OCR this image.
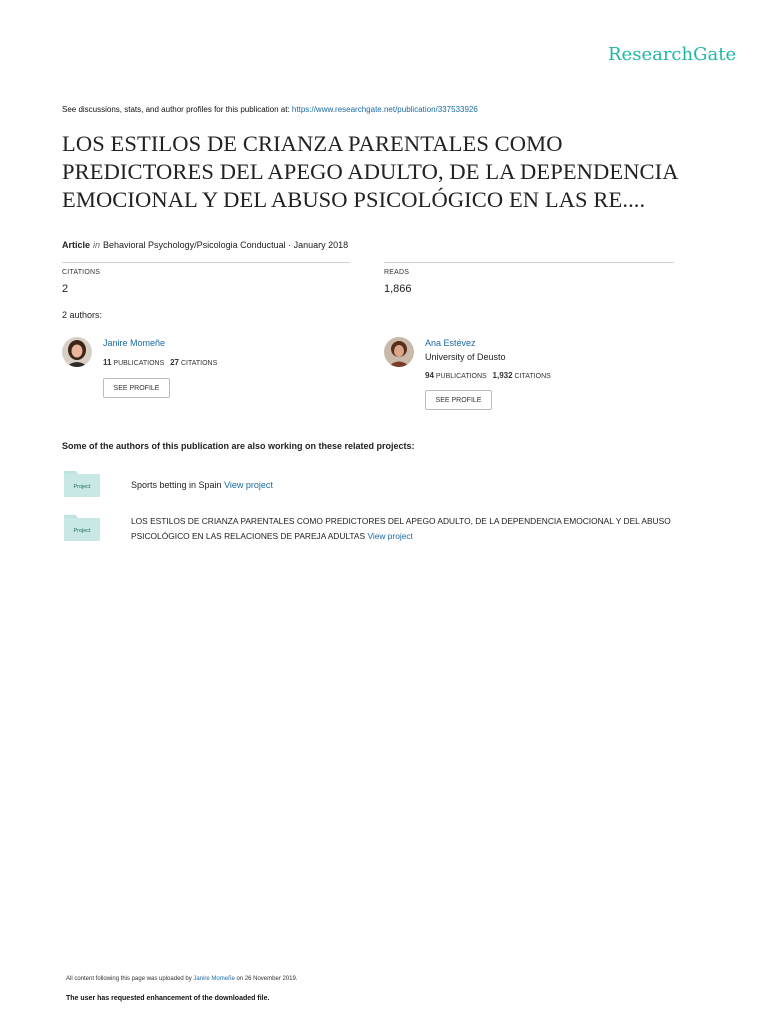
ResearchGate
See discussions, stats, and author profiles for this publication at: https://www.researchgate.net/publication/337533926
LOS ESTILOS DE CRIANZA PARENTALES COMO PREDICTORES DEL APEGO ADULTO, DE LA DEPENDENCIA EMOCIONAL Y DEL ABUSO PSICOLÓGICO EN LAS RE....
Article in Behavioral Psychology/Psicologia Conductual · January 2018
CITATIONS
2
READS
1,866
2 authors:
Janire Momeñe
11 PUBLICATIONS 27 CITATIONS
SEE PROFILE
Ana Estévez
University of Deusto
94 PUBLICATIONS 1,932 CITATIONS
SEE PROFILE
Some of the authors of this publication are also working on these related projects:
Project	Sports betting in Spain View project
Project
LOS ESTILOS DE CRIANZA PARENTALES COMO PREDICTORES DEL APEGO ADULTO, DE LA DEPENDENCIA EMOCIONAL Y DEL ABUSO PSICOLÓGICO EN LAS RELACIONES DE PAREJA ADULTAS View project
All content following this page was uploaded by Janire Momeñe on 26 November 2019.
The user has requested enhancement of the downloaded file.
